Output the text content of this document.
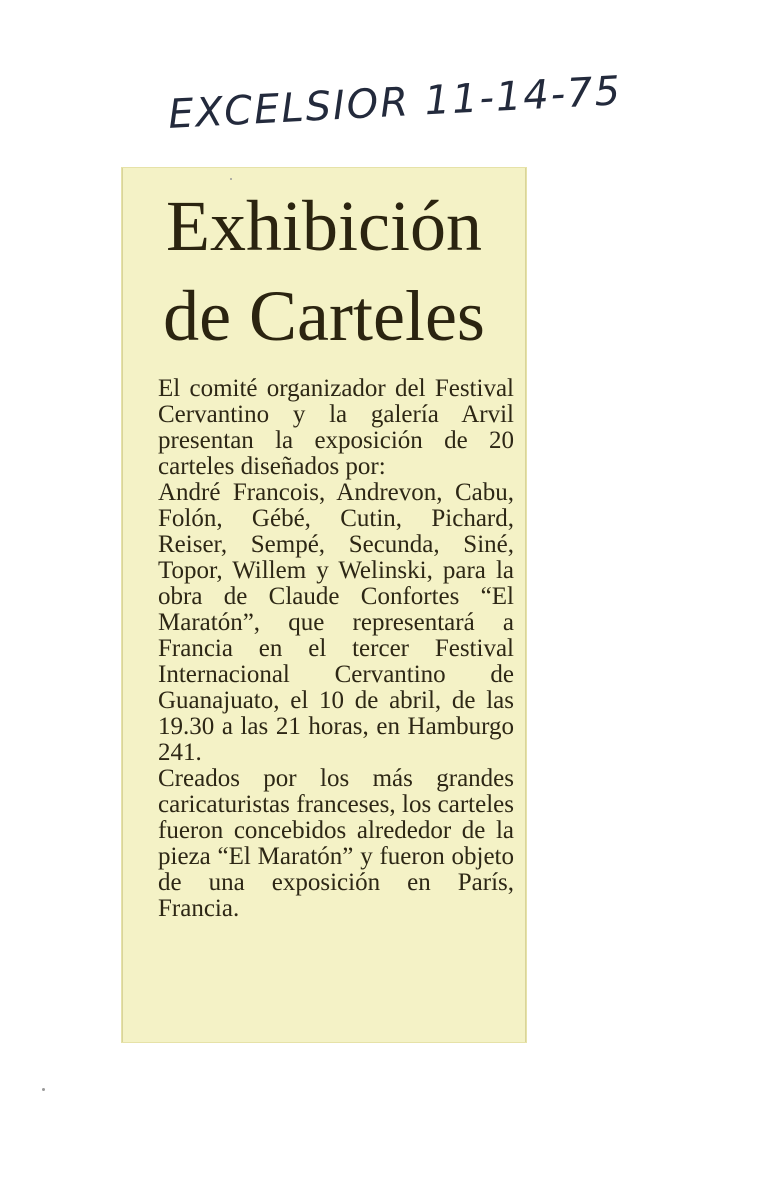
EXCELSIOR 11-14-75
Exhibición
de Carteles
El comité organizador del Festival Cervantino y la galería Arvil presentan la exposición de 20 carteles diseñados por:
André Francois, Andrevon, Cabu, Folón, Gébé, Cutin, Pichard, Reiser, Sempé, Secunda, Siné, Topor, Willem y Welinski, para la obra de Claude Confortes “El Maratón”, que representará a Francia en el tercer Festival Internacional Cervantino de Guanajuato, el 10 de abril, de las 19.30 a las 21 horas, en Hamburgo 241.
Creados por los más grandes caricaturistas franceses, los carteles fueron concebidos alrededor de la pieza “El Maratón” y fueron objeto de una exposición en París, Francia.
